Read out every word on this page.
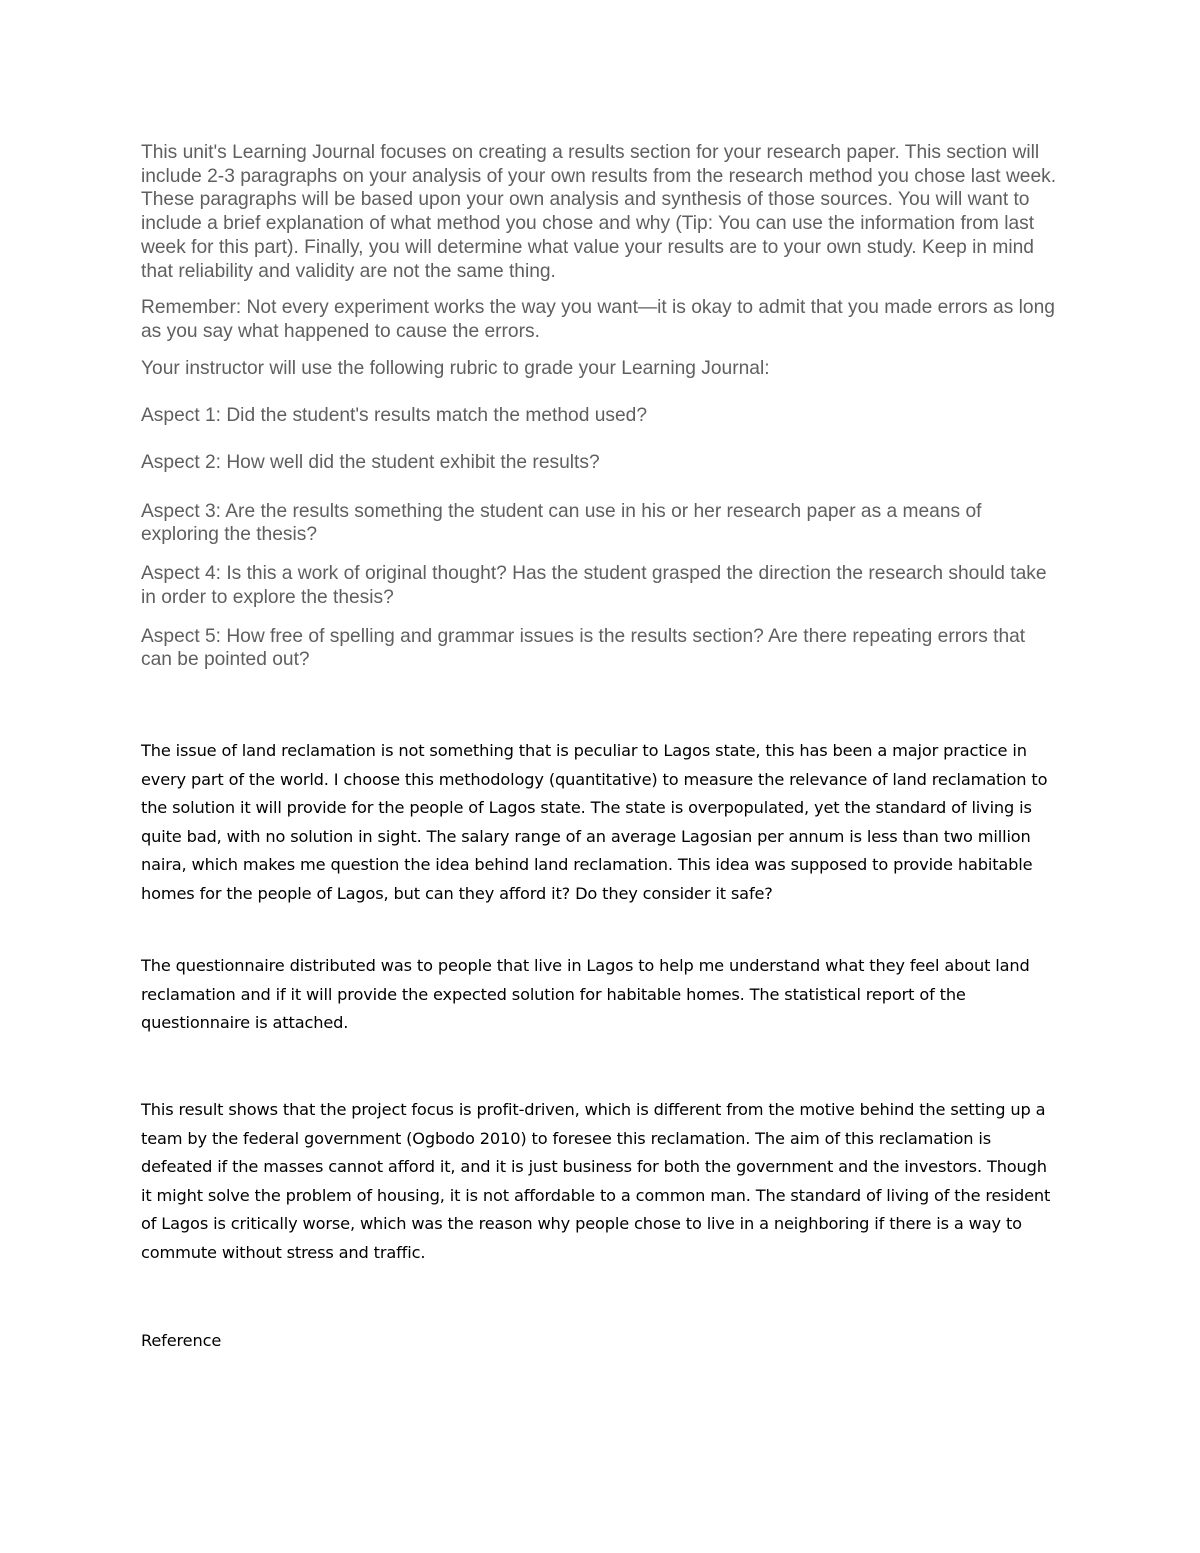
This unit's Learning Journal focuses on creating a results section for your research paper. This section will include 2-3 paragraphs on your analysis of your own results from the research method you chose last week. These paragraphs will be based upon your own analysis and synthesis of those sources. You will want to include a brief explanation of what method you chose and why (Tip: You can use the information from last week for this part). Finally, you will determine what value your results are to your own study. Keep in mind that reliability and validity are not the same thing.

Remember: Not every experiment works the way you want—it is okay to admit that you made errors as long as you say what happened to cause the errors.

Your instructor will use the following rubric to grade your Learning Journal:

Aspect 1: Did the student's results match the method used?

Aspect 2: How well did the student exhibit the results?

Aspect 3: Are the results something the student can use in his or her research paper as a means of exploring the thesis?

Aspect 4: Is this a work of original thought? Has the student grasped the direction the research should take in order to explore the thesis?

Aspect 5: How free of spelling and grammar issues is the results section? Are there repeating errors that can be pointed out?

The issue of land reclamation is not something that is peculiar to Lagos state, this has been a major practice in every part of the world. I choose this methodology (quantitative) to measure the relevance of land reclamation to the solution it will provide for the people of Lagos state. The state is overpopulated, yet the standard of living is quite bad, with no solution in sight. The salary range of an average Lagosian per annum is less than two million naira, which makes me question the idea behind land reclamation. This idea was supposed to provide habitable homes for the people of Lagos, but can they afford it? Do they consider it safe?

The questionnaire distributed was to people that live in Lagos to help me understand what they feel about land reclamation and if it will provide the expected solution for habitable homes. The statistical report of the questionnaire is attached.

This result shows that the project focus is profit-driven, which is different from the motive behind the setting up a team by the federal government (Ogbodo 2010) to foresee this reclamation. The aim of this reclamation is defeated if the masses cannot afford it, and it is just business for both the government and the investors. Though it might solve the problem of housing, it is not affordable to a common man. The standard of living of the resident of Lagos is critically worse, which was the reason why people chose to live in a neighboring if there is a way to commute without stress and traffic.

Reference
